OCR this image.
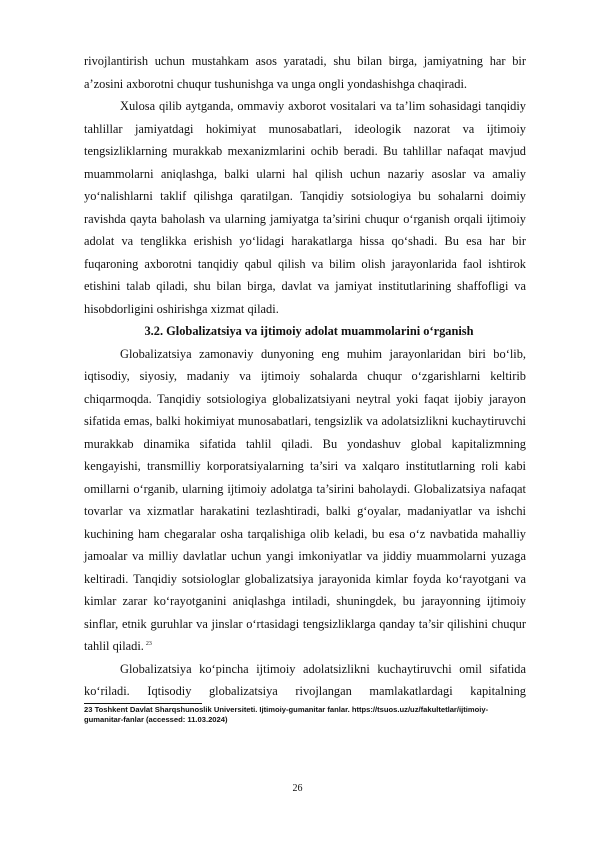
rivojlantirish uchun mustahkam asos yaratadi, shu bilan birga, jamiyatning har bir a’zosini axborotni chuqur tushunishga va unga ongli yondashishga chaqiradi.

Xulosa qilib aytganda, ommaviy axborot vositalari va ta’lim sohasidagi tanqidiy tahlillar jamiyatdagi hokimiyat munosabatlari, ideologik nazorat va ijtimoiy tengsizliklarning murakkab mexanizmlarini ochib beradi. Bu tahlillar nafaqat mavjud muammolarni aniqlashga, balki ularni hal qilish uchun nazariy asoslar va amaliy yo‘nalishlarni taklif qilishga qaratilgan. Tanqidiy sotsiologiya bu sohalarni doimiy ravishda qayta baholash va ularning jamiyatga ta’sirini chuqur o‘rganish orqali ijtimoiy adolat va tenglikka erishish yo‘lidagi harakatlarga hissa qo‘shadi. Bu esa har bir fuqaroning axborotni tanqidiy qabul qilish va bilim olish jarayonlarida faol ishtirok etishini talab qiladi, shu bilan birga, davlat va jamiyat institutlarining shaffofligi va hisobdorligini oshirishga xizmat qiladi.

3.2. Globalizatsiya va ijtimoiy adolat muammolarini o‘rganish

Globalizatsiya zamonaviy dunyoning eng muhim jarayonlaridan biri bo‘lib, iqtisodiy, siyosiy, madaniy va ijtimoiy sohalarda chuqur o‘zgarishlarni keltirib chiqarmoqda. Tanqidiy sotsiologiya globalizatsiyani neytral yoki faqat ijobiy jarayon sifatida emas, balki hokimiyat munosabatlari, tengsizlik va adolatsizlikni kuchaytiruvchi murakkab dinamika sifatida tahlil qiladi. Bu yondashuv global kapitalizmning kengayishi, transmilliy korporatsiyalarning ta’siri va xalqaro institutlarning roli kabi omillarni o‘rganib, ularning ijtimoiy adolatga ta’sirini baholaydi. Globalizatsiya nafaqat tovarlar va xizmatlar harakatini tezlashtiradi, balki g‘oyalar, madaniyatlar va ishchi kuchining ham chegaralar osha tarqalishiga olib keladi, bu esa o‘z navbatida mahalliy jamoalar va milliy davlatlar uchun yangi imkoniyatlar va jiddiy muammolarni yuzaga keltiradi. Tanqidiy sotsiologlar globalizatsiya jarayonida kimlar foyda ko‘rayotgani va kimlar zarar ko‘rayotganini aniqlashga intiladi, shuningdek, bu jarayonning ijtimoiy sinflar, etnik guruhlar va jinslar o‘rtasidagi tengsizliklarga qanday ta’sir qilishini chuqur tahlil qiladi. $^{23}$

Globalizatsiya ko‘pincha ijtimoiy adolatsizlikni kuchaytiruvchi omil sifatida ko‘riladi. Iqtisodiy globalizatsiya rivojlangan mamlakatlardagi kapitalning

23 Toshkent Davlat Sharqshunoslik Universiteti. Ijtimoiy-gumanitar fanlar. https://tsuos.uz/uz/fakultetlar/ijtimoiy-gumanitar-fanlar (accessed: 11.03.2024)

26
